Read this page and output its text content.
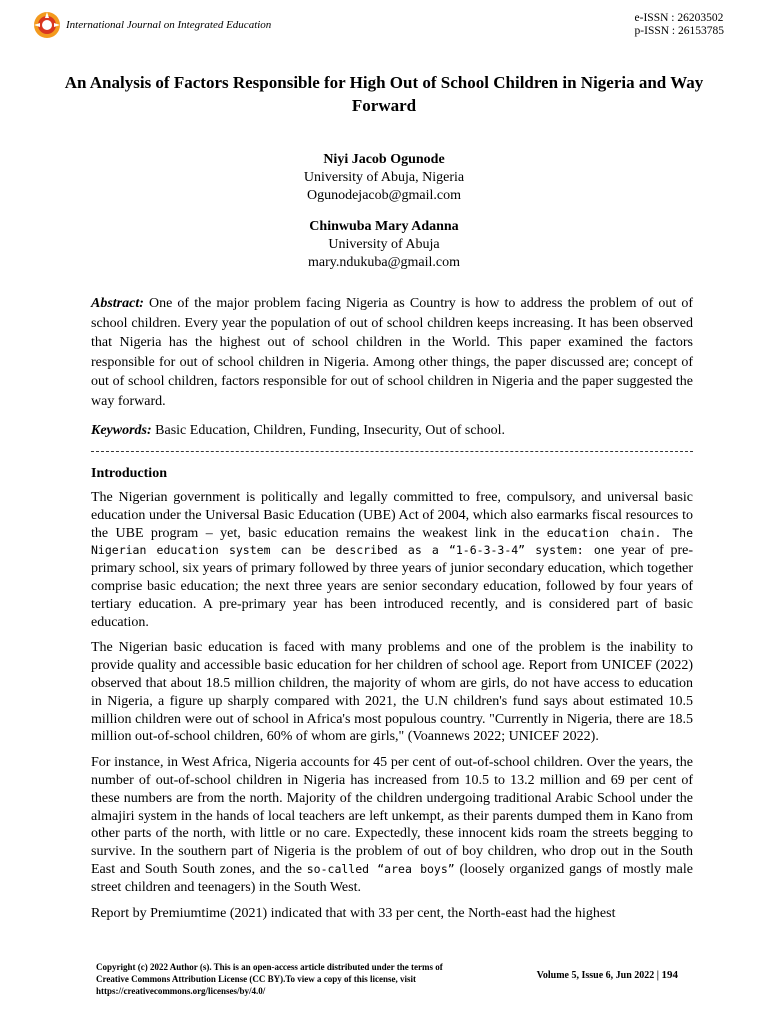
International Journal on Integrated Education
e-ISSN : 26203502
p-ISSN : 26153785
An Analysis of Factors Responsible for High Out of School Children in Nigeria and Way Forward
Niyi Jacob Ogunode
University of Abuja, Nigeria
Ogunodejacob@gmail.com
Chinwuba Mary Adanna
University of Abuja
mary.ndukuba@gmail.com

Abstract: One of the major problem facing Nigeria as Country is how to address the problem of out of school children. Every year the population of out of school children keeps increasing. It has been observed that Nigeria has the highest out of school children in the World. This paper examined the factors responsible for out of school children in Nigeria. Among other things, the paper discussed are; concept of out of school children, factors responsible for out of school children in Nigeria and the paper suggested the way forward.

Keywords: Basic Education, Children, Funding, Insecurity, Out of school.

Introduction

The Nigerian government is politically and legally committed to free, compulsory, and universal basic education under the Universal Basic Education (UBE) Act of 2004, which also earmarks fiscal resources to the UBE program – yet, basic education remains the weakest link in the education chain. The Nigerian education system can be described as a “1-6-3-3-4” system: one year of pre-primary school, six years of primary followed by three years of junior secondary education, which together comprise basic education; the next three years are senior secondary education, followed by four years of tertiary education. A pre-primary year has been introduced recently, and is considered part of basic education.

The Nigerian basic education is faced with many problems and one of the problem is the inability to provide quality and accessible basic education for her children of school age. Report from UNICEF (2022) observed that about 18.5 million children, the majority of whom are girls, do not have access to education in Nigeria, a figure up sharply compared with 2021, the U.N children's fund says about estimated 10.5 million children were out of school in Africa's most populous country. "Currently in Nigeria, there are 18.5 million out-of-school children, 60% of whom are girls," (Voannews 2022; UNICEF 2022).

For instance, in West Africa, Nigeria accounts for 45 per cent of out-of-school children. Over the years, the number of out-of-school children in Nigeria has increased from 10.5 to 13.2 million and 69 per cent of these numbers are from the north. Majority of the children undergoing traditional Arabic School under the almajiri system in the hands of local teachers are left unkempt, as their parents dumped them in Kano from other parts of the north, with little or no care. Expectedly, these innocent kids roam the streets begging to survive. In the southern part of Nigeria is the problem of out of boy children, who drop out in the South East and South South zones, and the so-called “area boys” (loosely organized gangs of mostly male street children and teenagers) in the South West.

Report by Premiumtime (2021) indicated that with 33 per cent, the North-east had the highest

Copyright (c) 2022 Author (s). This is an open-access article distributed under the terms of Creative Commons Attribution License (CC BY).To view a copy of this license, visit https://creativecommons.org/licenses/by/4.0/
Volume 5, Issue 6, Jun 2022 | 194
